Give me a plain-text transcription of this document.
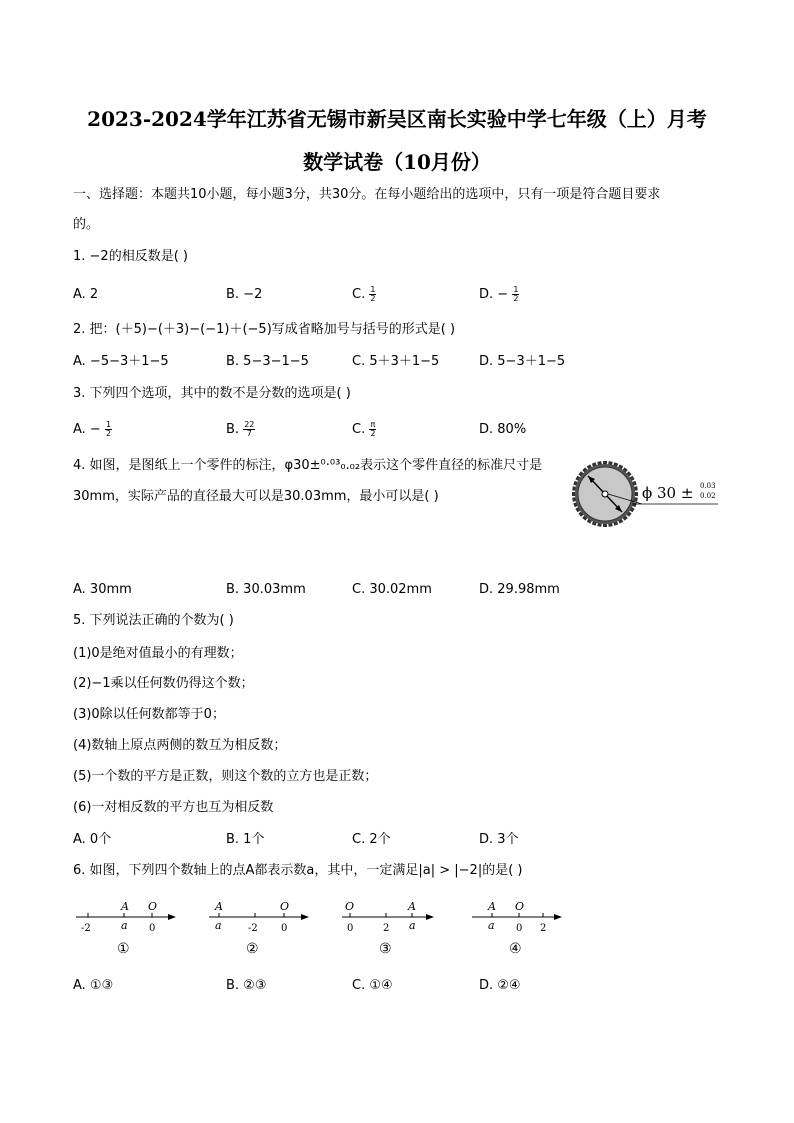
2023-2024学年江苏省无锡市新吴区南长实验中学七年级（上）月考
数学试卷（10月份）
一、选择题：本题共10小题，每小题3分，共30分。在每小题给出的选项中，只有一项是符合题目要求
的。
1. −2的相反数是( )
A. 2	B. −2	C. $\frac{1}{2}$	D. − $\frac{1}{2}$
2. 把：(＋5)−(＋3)−(−1)＋(−5)写成省略加号与括号的形式是( )
A. −5−3＋1−5	B. 5−3−1−5	C. 5＋3＋1−5	D. 5−3＋1−5
3. 下列四个选项，其中的数不是分数的选项是( )
A. − $\frac{1}{2}$	B. $\frac{22}{7}$	C. $\frac{\pi}{2}$	D. 80%
4. 如图，是图纸上一个零件的标注，φ30±⁰·⁰³₀.₀₂表示这个零件直径的标准尺寸是
30mm，实际产品的直径最大可以是30.03mm，最小可以是( )	ϕ 30 ± 0.03
0.02
A. 30mm	B. 30.03mm	C. 30.02mm	D. 29.98mm
5. 下列说法正确的个数为( )
(1)0是绝对值最小的有理数；
(2)−1乘以任何数仍得这个数；
(3)0除以任何数都等于0；
(4)数轴上原点两侧的数互为相反数；
(5)一个数的平方是正数，则这个数的立方也是正数；
(6)一对相反数的平方也互为相反数
A. 0个	B. 1个	C. 2个	D. 3个
6. 如图，下列四个数轴上的点A都表示数a，其中，一定满足|a| > |−2|的是( )
A O
-2	a 0
①
A	O
a	-2 0
②
O	A
0	2 a
③
A O
a 0 2
④
A. ①③	B. ②③	C. ①④	D. ②④
